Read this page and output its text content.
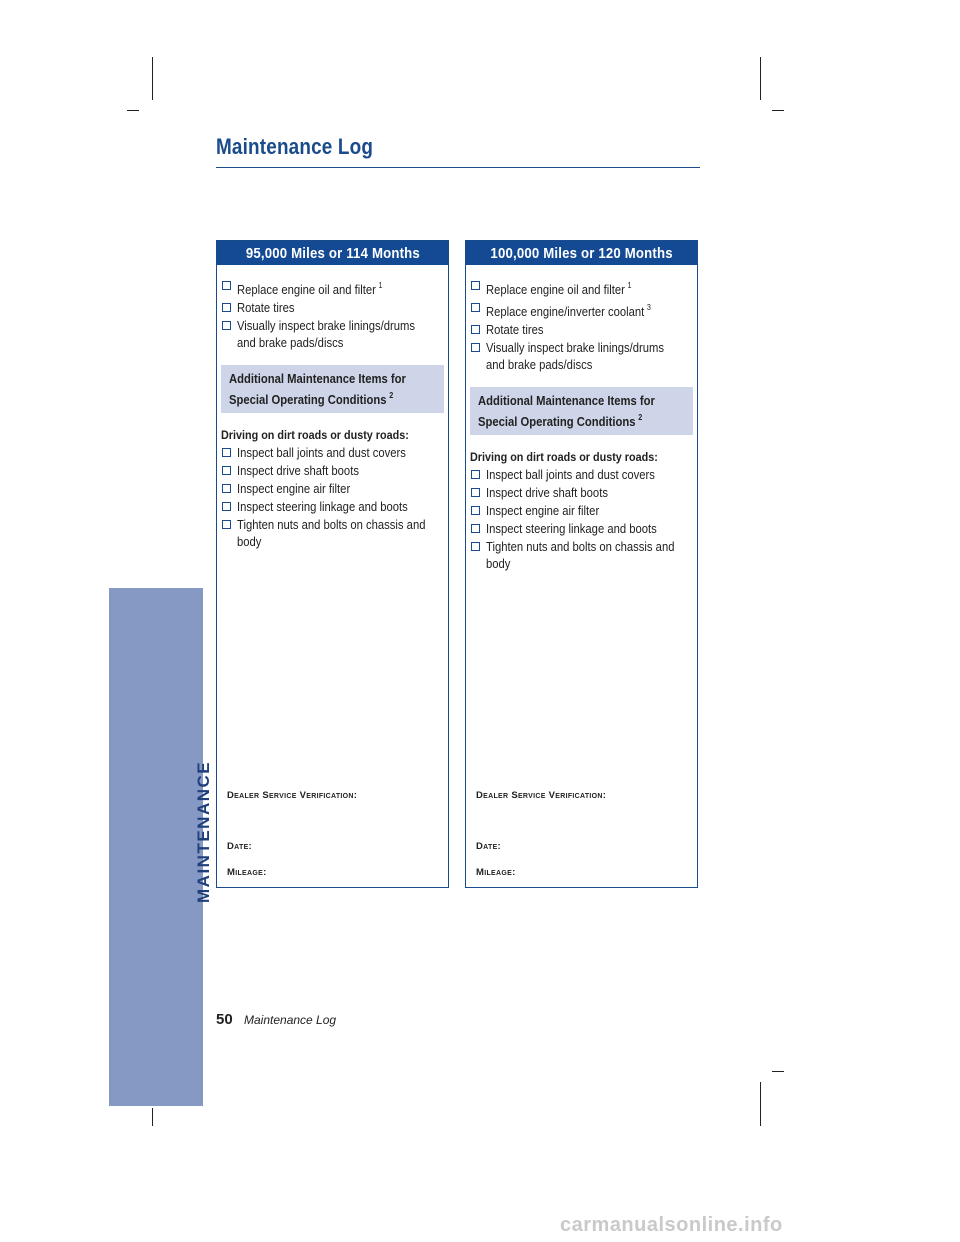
Maintenance Log
MAINTENANCE
95,000 Miles or 114 Months
Replace engine oil and filter $^1$
Rotate tires
Visually inspect brake linings/drums
and brake pads/discs
Additional Maintenance Items for
Special Operating Conditions $^2$
Driving on dirt roads or dusty roads:
Inspect ball joints and dust covers
Inspect drive shaft boots
Inspect engine air filter
Inspect steering linkage and boots
Tighten nuts and bolts on chassis and
body
Dealer Service Verification:
Date:
Mileage:
100,000 Miles or 120 Months
Replace engine oil and filter $^1$
Replace engine/inverter coolant $^3$
Rotate tires
Visually inspect brake linings/drums
and brake pads/discs
Additional Maintenance Items for
Special Operating Conditions $^2$
Driving on dirt roads or dusty roads:
Inspect ball joints and dust covers
Inspect drive shaft boots
Inspect engine air filter
Inspect steering linkage and boots
Tighten nuts and bolts on chassis and
body
Dealer Service Verification:
Date:
Mileage:
50 Maintenance Log
carmanualsonline.info
